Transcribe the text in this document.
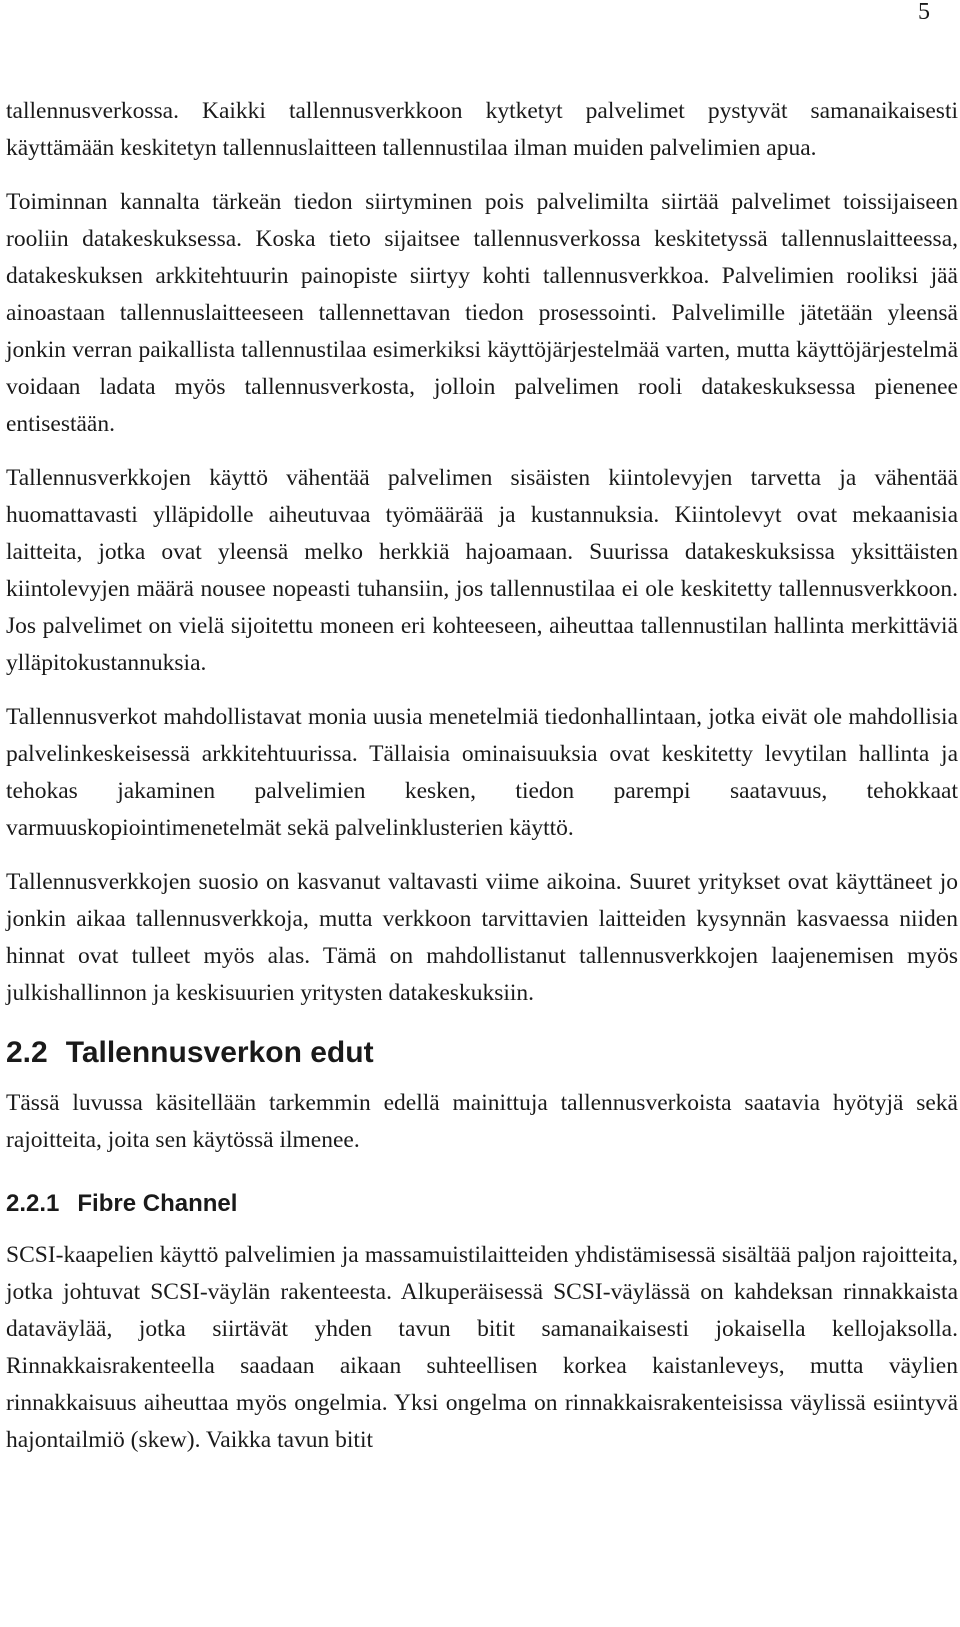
5

tallennusverkossa. Kaikki tallennusverkkoon kytketyt palvelimet pystyvät samanaikaisesti käyttämään keskitetyn tallennuslaitteen tallennustilaa ilman muiden palvelimien apua.

Toiminnan kannalta tärkeän tiedon siirtyminen pois palvelimilta siirtää palvelimet toissijaiseen rooliin datakeskuksessa. Koska tieto sijaitsee tallennusverkossa keskitetyssä tallennuslaitteessa, datakeskuksen arkkitehtuurin painopiste siirtyy kohti tallennusverkkoa. Palvelimien rooliksi jää ainoastaan tallennuslaitteeseen tallennettavan tiedon prosessointi. Palvelimille jätetään yleensä jonkin verran paikallista tallennustilaa esimerkiksi käyttöjärjestelmää varten, mutta käyttöjärjestelmä voidaan ladata myös tallennusverkosta, jolloin palvelimen rooli datakeskuksessa pienenee entisestään.

Tallennusverkkojen käyttö vähentää palvelimen sisäisten kiintolevyjen tarvetta ja vähentää huomattavasti ylläpidolle aiheutuvaa työmäärää ja kustannuksia. Kiintolevyt ovat mekaanisia laitteita, jotka ovat yleensä melko herkkiä hajoamaan. Suurissa datakeskuksissa yksittäisten kiintolevyjen määrä nousee nopeasti tuhansiin, jos tallennustilaa ei ole keskitetty tallennusverkkoon. Jos palvelimet on vielä sijoitettu moneen eri kohteeseen, aiheuttaa tallennustilan hallinta merkittäviä ylläpitokustannuksia.

Tallennusverkot mahdollistavat monia uusia menetelmiä tiedonhallintaan, jotka eivät ole mahdollisia palvelinkeskeisessä arkkitehtuurissa. Tällaisia ominaisuuksia ovat keskitetty levytilan hallinta ja tehokas jakaminen palvelimien kesken, tiedon parempi saatavuus, tehokkaat varmuuskopiointimenetelmät sekä palvelinklusterien käyttö.

Tallennusverkkojen suosio on kasvanut valtavasti viime aikoina. Suuret yritykset ovat käyttäneet jo jonkin aikaa tallennusverkkoja, mutta verkkoon tarvittavien laitteiden kysynnän kasvaessa niiden hinnat ovat tulleet myös alas. Tämä on mahdollistanut tallennusverkkojen laajenemisen myös julkishallinnon ja keskisuurien yritysten datakeskuksiin.

2.2 Tallennusverkon edut

Tässä luvussa käsitellään tarkemmin edellä mainittuja tallennusverkoista saatavia hyötyjä sekä rajoitteita, joita sen käytössä ilmenee.

2.2.1 Fibre Channel

SCSI-kaapelien käyttö palvelimien ja massamuistilaitteiden yhdistämisessä sisältää paljon rajoitteita, jotka johtuvat SCSI-väylän rakenteesta. Alkuperäisessä SCSI-väylässä on kahdeksan rinnakkaista dataväylää, jotka siirtävät yhden tavun bitit samanaikaisesti jokaisella kellojaksolla. Rinnakkaisrakenteella saadaan aikaan suhteellisen korkea kaistanleveys, mutta väylien rinnakkaisuus aiheuttaa myös ongelmia. Yksi ongelma on rinnakkaisrakenteisissa väylissä esiintyvä hajontailmiö (skew). Vaikka tavun bitit
